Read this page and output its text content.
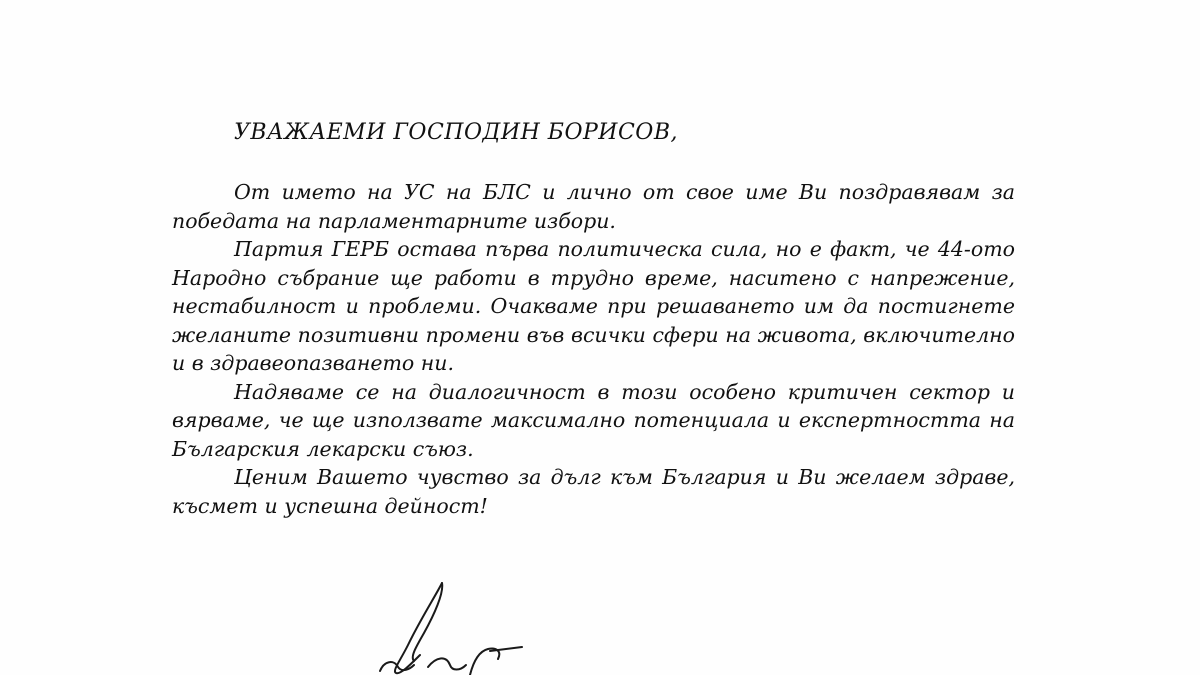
УВАЖАЕМИ ГОСПОДИН БОРИСОВ,

От името на УС на БЛС и лично от свое име Ви поздравявам за победата на парламентарните избори.

Партия ГЕРБ остава първа политическа сила, но е факт, че 44-ото Народно събрание ще работи в трудно време, наситено с напрежение, нестабилност и проблеми. Очакваме при решаването им да постигнете желаните позитивни промени във всички сфери на живота, включително и в здравеопазването ни.

Надяваме се на диалогичност в този особено критичен сектор и вярваме, че ще използвате максимално потенциала и експертността на Българския лекарски съюз.

Ценим Вашето чувство за дълг към България и Ви желаем здраве, късмет и успешна дейност!
